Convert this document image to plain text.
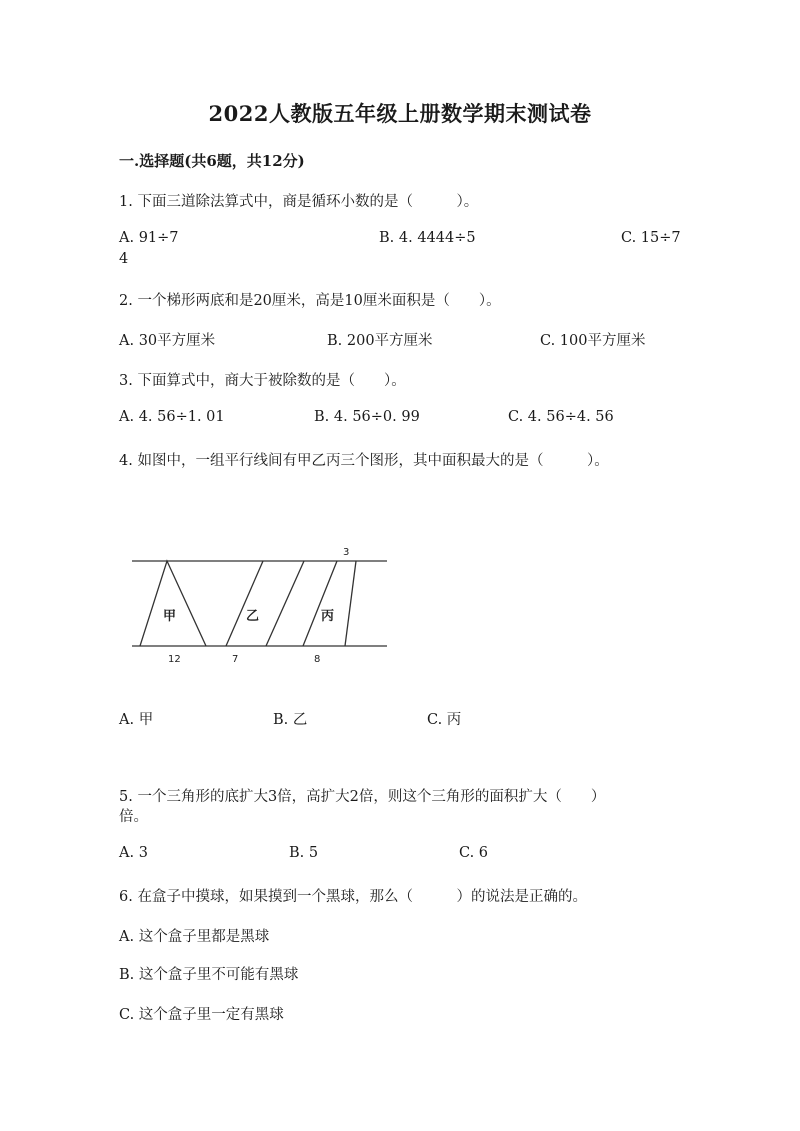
2022人教版五年级上册数学期末测试卷
一.选择题(共6题，共12分)
1. 下面三道除法算式中，商是循环小数的是（　　　）。
A. 91÷7	B. 4. 4444÷5	C. 15÷7
4
2. 一个梯形两底和是20厘米，高是10厘米面积是（　　）。
A. 30平方厘米	B. 200平方厘米	C. 100平方厘米
3. 下面算式中，商大于被除数的是（　　）。
A. 4. 56÷1. 01	B. 4. 56÷0. 99	C. 4. 56÷4. 56
4. 如图中，一组平行线间有甲乙丙三个图形，其中面积最大的是（　　　）。
甲	乙	丙
3
12	7	8
A. 甲	B. 乙	C. 丙
5. 一个三角形的底扩大3倍，高扩大2倍，则这个三角形的面积扩大（　　）
倍。
A. 3	B. 5	C. 6
6. 在盒子中摸球，如果摸到一个黑球，那么（　　　）的说法是正确的。
A. 这个盒子里都是黑球
B. 这个盒子里不可能有黑球
C. 这个盒子里一定有黑球
